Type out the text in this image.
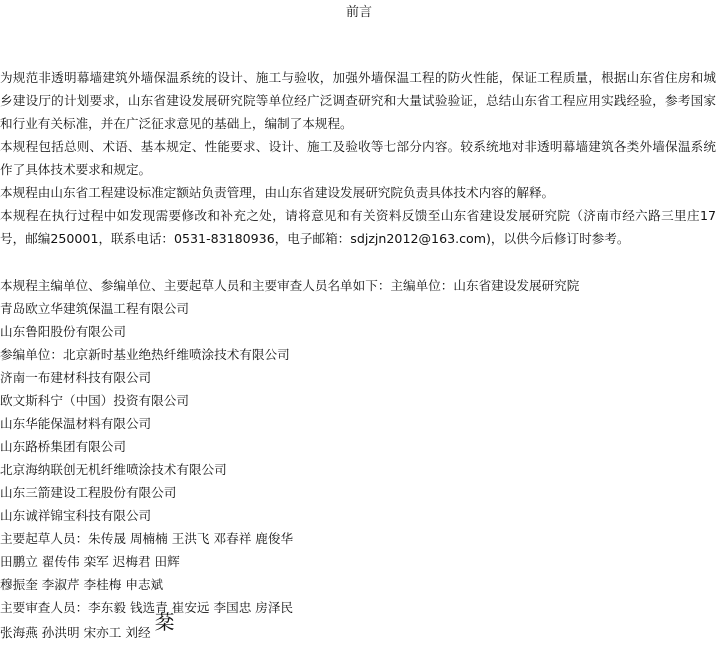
前言

为规范非透明幕墙建筑外墙保温系统的设计、施工与验收，加强外墙保温工程的防火性能，保证工程质量，根据山东省住房和城乡建设厅的计划要求，山东省建设发展研究院等单位经广泛调查研究和大量试验验证，总结山东省工程应用实践经验，参考国家和行业有关标准，并在广泛征求意见的基础上，编制了本规程。

本规程包括总则、术语、基本规定、性能要求、设计、施工及验收等七部分内容。较系统地对非透明幕墙建筑各类外墙保温系统作了具体技术要求和规定。

本规程由山东省工程建设标准定额站负责管理，由山东省建设发展研究院负责具体技术内容的解释。

本规程在执行过程中如发现需要修改和补充之处，请将意见和有关资料反馈至山东省建设发展研究院（济南市经六路三里庄17号，邮编250001，联系电话：0531-83180936，电子邮箱：sdjzjn2012@163.com)，以供今后修订时参考。

本规程主编单位、参编单位、主要起草人员和主要审查人员名单如下：主编单位：山东省建设发展研究院
青岛欧立华建筑保温工程有限公司
山东鲁阳股份有限公司
参编单位：北京新时基业绝热纤维喷涂技术有限公司
济南一布建材科技有限公司
欧文斯科宁（中国）投资有限公司
山东华能保温材料有限公司
山东路桥集团有限公司
北京海纳联创无机纤维喷涂技术有限公司
山东三箭建设工程股份有限公司
山东诚祥锦宝科技有限公司
主要起草人员：朱传晟 周楠楠 王洪飞 邓春祥 鹿俊华
田鹏立 翟传伟 栾军 迟梅君 田辉
穆振奎 李淑芹 李桂梅 申志斌
主要审查人员：李东毅 钱选青 崔安远 李国忠 房泽民
张海燕 孙洪明 宋亦工 刘经 棻
